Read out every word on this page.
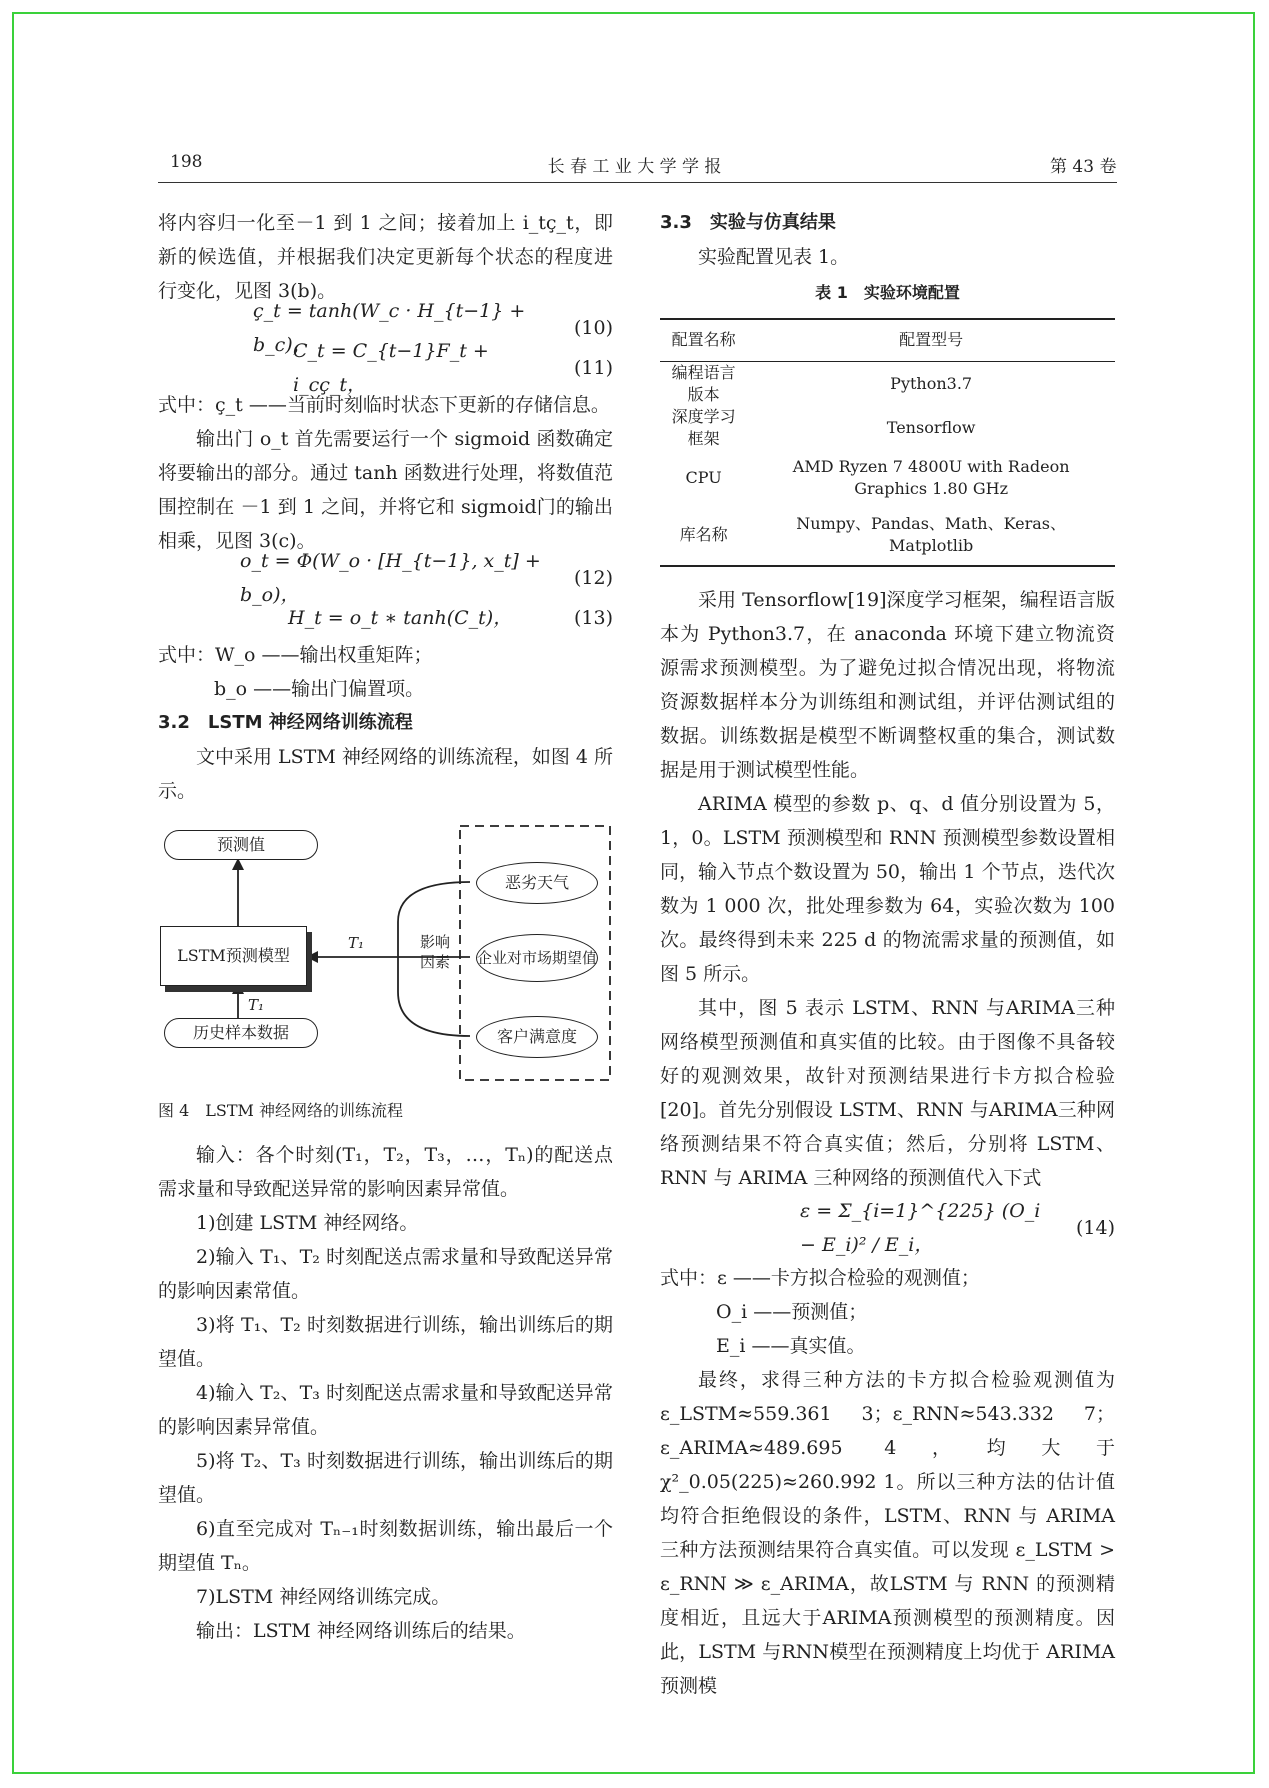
198	长 春 工 业 大 学 学 报	第 43 卷

将内容归一化至－1 到 1 之间；接着加上 i_tç_t，即新的候选值，并根据我们决定更新每个状态的程度进行变化，见图 3(b)。

ç_t = tanh(W_c · H_{t−1} + b_c)，
(10)
C_t = C_{t−1}F_t + i_cç_t，
(11)

式中：ç_t ——当前时刻临时状态下更新的存储信息。

输出门 o_t 首先需要运行一个 sigmoid 函数确定将要输出的部分。通过 tanh 函数进行处理，将数值范围控制在 －1 到 1 之间，并将它和 sigmoid门的输出相乘，见图 3(c)。

o_t = Φ(W_o · [H_{t−1}, x_t] + b_o)，
(12)
H_t = o_t ∗ tanh(C_t)，	(13)

式中：W_o ——输出权重矩阵；

b_o ——输出门偏置项。

3.2　LSTM 神经网络训练流程

文中采用 LSTM 神经网络的训练流程，如图 4 所示。

预测值
LSTM预测模型
历史样本数据
T₁
T₁
影响因素
恶劣天气
企业对市场期望值
客户满意度

图 4　LSTM 神经网络的训练流程

输入：各个时刻(T₁，T₂，T₃，…，Tₙ)的配送点需求量和导致配送异常的影响因素异常值。

1)创建 LSTM 神经网络。

2)输入 T₁、T₂ 时刻配送点需求量和导致配送异常的影响因素常值。

3)将 T₁、T₂ 时刻数据进行训练，输出训练后的期望值。

4)输入 T₂、T₃ 时刻配送点需求量和导致配送异常的影响因素异常值。

5)将 T₂、T₃ 时刻数据进行训练，输出训练后的期望值。

6)直至完成对 Tₙ₋₁时刻数据训练，输出最后一个期望值 Tₙ。

7)LSTM 神经网络训练完成。

输出：LSTM 神经网络训练后的结果。

3.3　实验与仿真结果

实验配置见表 1。

表 1　实验环境配置

配置名称	配置型号
编程语言版本	Python3.7
深度学习框架	Tensorflow
CPU	AMD Ryzen 7 4800U with Radeon Graphics 1.80 GHz
库名称	Numpy、Pandas、Math、Keras、Matplotlib

采用 Tensorflow[19]深度学习框架，编程语言版本为 Python3.7，在 anaconda 环境下建立物流资源需求预测模型。为了避免过拟合情况出现，将物流资源数据样本分为训练组和测试组，并评估测试组的数据。训练数据是模型不断调整权重的集合，测试数据是用于测试模型性能。

ARIMA 模型的参数 p、q、d 值分别设置为 5，1，0。LSTM 预测模型和 RNN 预测模型参数设置相同，输入节点个数设置为 50，输出 1 个节点，迭代次数为 1 000 次，批处理参数为 64，实验次数为 100 次。最终得到未来 225 d 的物流需求量的预测值，如图 5 所示。

其中，图 5 表示 LSTM、RNN 与ARIMA三种网络模型预测值和真实值的比较。由于图像不具备较好的观测效果，故针对预测结果进行卡方拟合检验[20]。首先分别假设 LSTM、RNN 与ARIMA三种网络预测结果不符合真实值；然后，分别将 LSTM、RNN 与 ARIMA 三种网络的预测值代入下式

ε = Σ_{i=1}^{225} (O_i − E_i)² / E_i，
(14)

式中：ε ——卡方拟合检验的观测值；

O_i ——预测值；

E_i ——真实值。

最终，求得三种方法的卡方拟合检验观测值为 ε_LSTM≈559.361 3；ε_RNN≈543.332 7；ε_ARIMA≈489.695 4，均大于 χ²_0.05(225)≈260.992 1。所以三种方法的估计值均符合拒绝假设的条件，LSTM、RNN 与 ARIMA 三种方法预测结果符合真实值。可以发现 ε_LSTM > ε_RNN ≫ ε_ARIMA，故LSTM 与 RNN 的预测精度相近，且远大于ARIMA预测模型的预测精度。因此，LSTM 与RNN模型在预测精度上均优于 ARIMA 预测模
